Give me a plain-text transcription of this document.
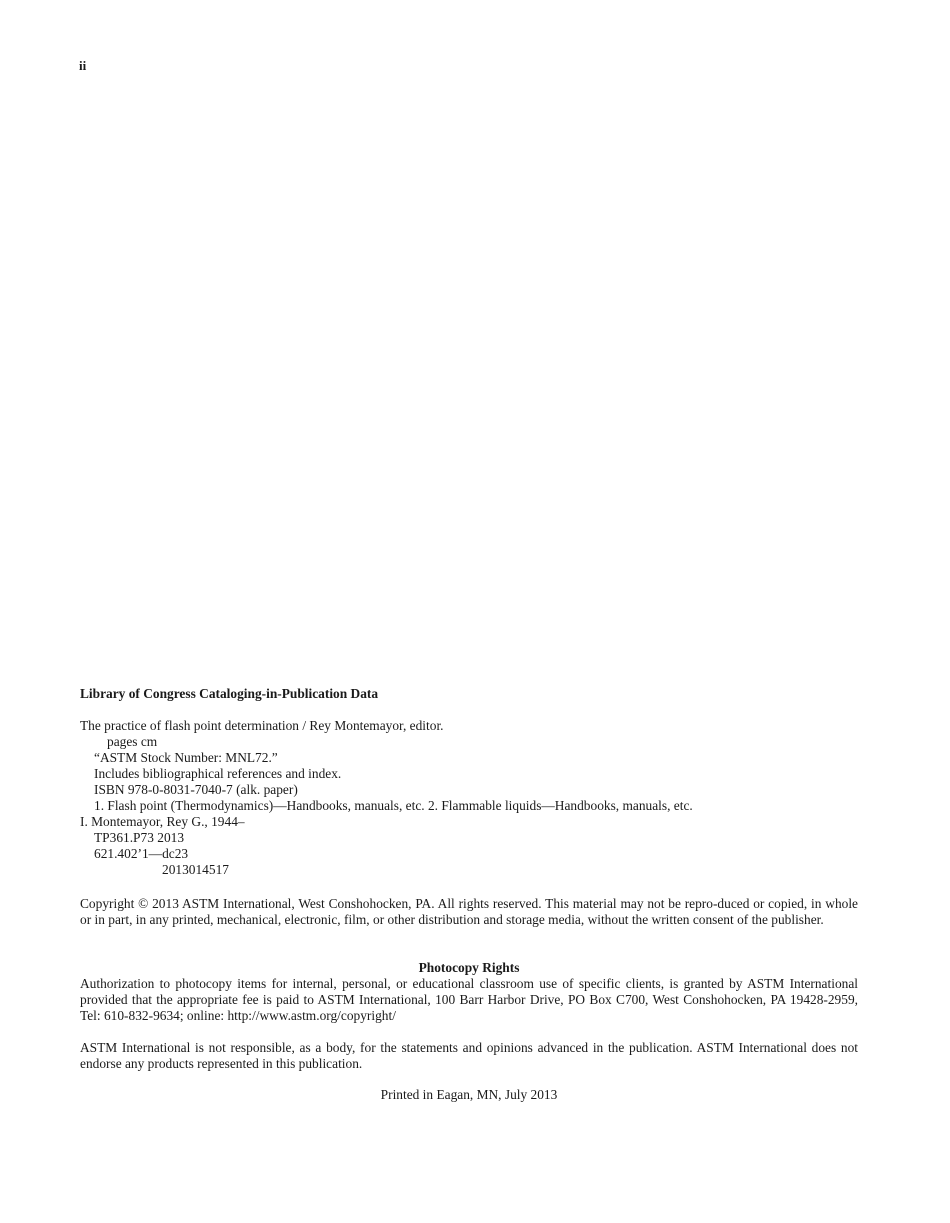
ii
Library of Congress Cataloging-in-Publication Data
The practice of flash point determination / Rey Montemayor, editor.
pages cm
“ASTM Stock Number: MNL72.”
Includes bibliographical references and index.
ISBN 978-0-8031-7040-7 (alk. paper)
1. Flash point (Thermodynamics)—Handbooks, manuals, etc. 2. Flammable liquids—Handbooks, manuals, etc.
I. Montemayor, Rey G., 1944–
TP361.P73 2013
621.402’1—dc23
2013014517
Copyright © 2013 ASTM International, West Conshohocken, PA. All rights reserved. This material may not be repro-duced or copied, in whole or in part, in any printed, mechanical, electronic, film, or other distribution and storage media, without the written consent of the publisher.
Photocopy Rights
Authorization to photocopy items for internal, personal, or educational classroom use of specific clients, is granted by ASTM International provided that the appropriate fee is paid to ASTM International, 100 Barr Harbor Drive, PO Box C700, West Conshohocken, PA 19428-2959, Tel: 610-832-9634; online: http://www.astm.org/copyright/
ASTM International is not responsible, as a body, for the statements and opinions advanced in the publication. ASTM International does not endorse any products represented in this publication.
Printed in Eagan, MN, July 2013
